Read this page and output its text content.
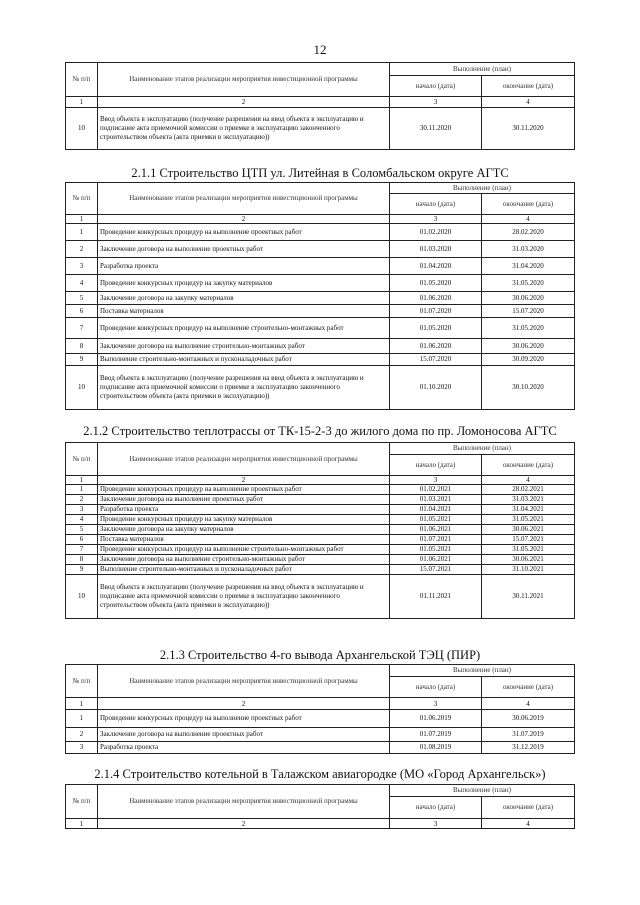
12
№ п/п	Наименование этапов реализации мероприятия инвестиционной программы	Выполнение (план)	
		начало (дата)	окончание (дата)
1	2	3	4
10	Ввод объекта в эксплуатацию (получение разрешения на ввод объекта в эксплуатацию и подписание акта приемочной комиссии о приемке в эксплуатацию законченного строительством объекта (акта приемки в эксплуатацию))	30.11.2020	30.11.2020
2.1.1 Строительство ЦТП ул. Литейная в Соломбальском округе АГТС
№ п/п	Наименование этапов реализации мероприятия инвестиционной программы	Выполнение (план)	
		начало (дата)	окончание (дата)
1	2	3	4
1	Проведение конкурсных процедур на выполнение проектных работ	01.02.2020	28.02.2020
2	Заключение договора на выполнение проектных работ	01.03.2020	31.03.2020
3	Разработка проекта	01.04.2020	31.04.2020
4	Проведение конкурсных процедур на закупку материалов	01.05.2020	31.05.2020
5	Заключение договора на закупку материалов	01.06.2020	30.06.2020
6	Поставка материалов	01.07.2020	15.07.2020
7	Проведение конкурсных процедур на выполнение строительно-монтажных работ	01.05.2020	31.05.2020
8	Заключение договора на выполнение строительно-монтажных работ	01.06.2020	30.06.2020
9	Выполнение строительно-монтажных и пусконаладочных работ	15.07.2020	30.09.2020
10	Ввод объекта в эксплуатацию (получение разрешения на ввод объекта в эксплуатацию и подписание акта приемочной комиссии о приемке в эксплуатацию законченного строительством объекта (акта приемки в эксплуатацию))	01.10.2020	30.10.2020
2.1.2 Строительство теплотрассы от ТК-15-2-3 до жилого дома по пр. Ломоносова АГТС
№ п/п	Наименование этапов реализации мероприятия инвестиционной программы	Выполнение (план)	
		начало (дата)	окончание (дата)
1	2	3	4
1	Проведение конкурсных процедур на выполнение проектных работ	01.02.2021	28.02.2021
2	Заключение договора на выполнение проектных работ	01.03.2021	31.03.2021
3	Разработка проекта	01.04.2021	31.04.2021
4	Проведение конкурсных процедур на закупку материалов	01.05.2021	31.05.2021
5	Заключение договора на закупку материалов	01.06.2021	30.06.2021
6	Поставка материалов	01.07.2021	15.07.2021
7	Проведение конкурсных процедур на выполнение строительно-монтажных работ	01.05.2021	31.05.2021
8	Заключение договора на выполнение строительно-монтажных работ	01.06.2021	30.06.2021
9	Выполнение строительно-монтажных и пусконаладочных работ	15.07.2021	31.10.2021
10	Ввод объекта в эксплуатацию (получение разрешения на ввод объекта в эксплуатацию и подписание акта приемочной комиссии о приемке в эксплуатацию законченного строительством объекта (акта приемки в эксплуатацию))	01.11.2021	30.11.2021
2.1.3 Строительство 4-го вывода Архангельской ТЭЦ (ПИР)
№ п/п	Наименование этапов реализации мероприятия инвестиционной программы	Выполнение (план)	
		начало (дата)	окончание (дата)
1	2	3	4
1	Проведение конкурсных процедур на выполнение проектных работ	01.06.2019	30.06.2019
2	Заключение договора на выполнение проектных работ	01.07.2019	31.07.2019
3	Разработка проекта	01.08.2019	31.12.2019
2.1.4 Строительство котельной в Талажском авиагородке (МО «Город Архангельск»)
№ п/п	Наименование этапов реализации мероприятия инвестиционной программы	Выполнение (план)	
		начало (дата)	окончание (дата)
1	2	3	4
